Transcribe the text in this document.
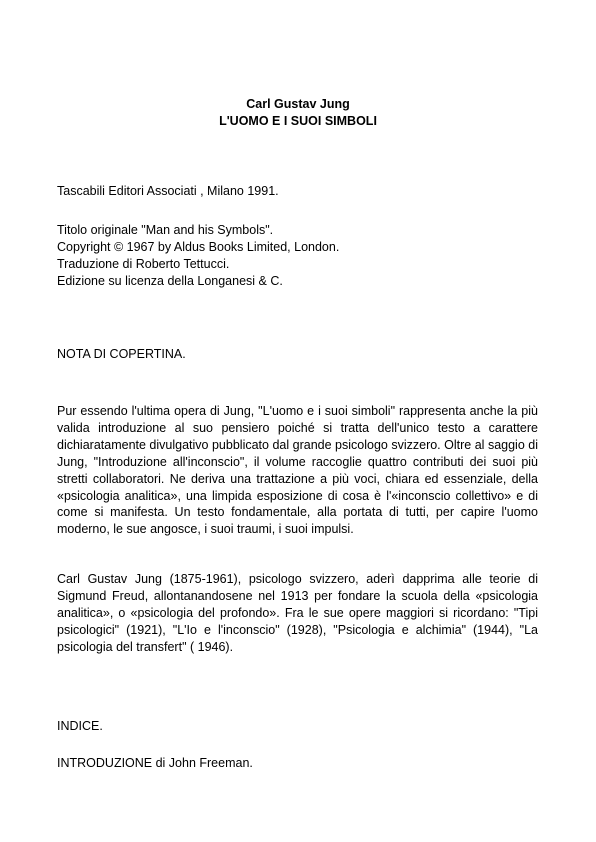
Carl Gustav Jung
L'UOMO E I SUOI SIMBOLI
Tascabili Editori Associati , Milano 1991.
Titolo originale "Man and his Symbols".
Copyright © 1967 by Aldus Books Limited, London.
Traduzione di Roberto Tettucci.
Edizione su licenza della Longanesi & C.
NOTA DI COPERTINA.
Pur essendo l'ultima opera di Jung, "L'uomo e i suoi simboli" rappresenta anche la più valida introduzione al suo pensiero poiché si tratta dell'unico testo a carattere dichiaratamente divulgativo pubblicato dal grande psicologo svizzero. Oltre al saggio di Jung, "Introduzione all'inconscio", il volume raccoglie quattro contributi dei suoi più stretti collaboratori. Ne deriva una trattazione a più voci, chiara ed essenziale, della «psicologia analitica», una limpida esposizione di cosa è l'«inconscio collettivo» e di come si manifesta. Un testo fondamentale, alla portata di tutti, per capire l'uomo moderno, le sue angosce, i suoi traumi, i suoi impulsi.
Carl Gustav Jung (1875-1961), psicologo svizzero, aderì dapprima alle teorie di Sigmund Freud, allontanandosene nel 1913 per fondare la scuola della «psicologia analitica», o «psicologia del profondo». Fra le sue opere maggiori si ricordano: "Tipi psicologici" (1921), "L'Io e l'inconscio" (1928), "Psicologia e alchimia" (1944), "La psicologia del transfert" ( 1946).
INDICE.
INTRODUZIONE di John Freeman.
